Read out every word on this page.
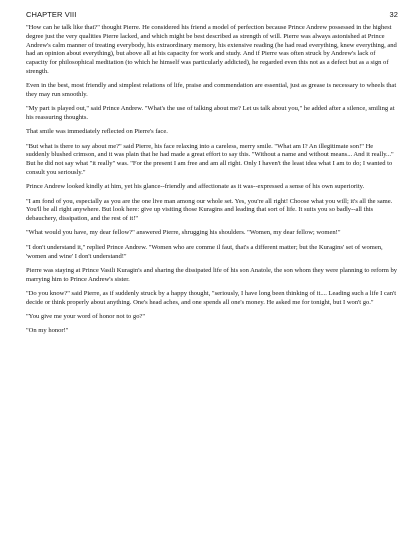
CHAPTER VIII	32

"How can he talk like that?" thought Pierre. He considered his friend a model of perfection because Prince Andrew possessed in the highest degree just the very qualities Pierre lacked, and which might be best described as strength of will. Pierre was always astonished at Prince Andrew's calm manner of treating everybody, his extraordinary memory, his extensive reading (he had read everything, knew everything, and had an opinion about everything), but above all at his capacity for work and study. And if Pierre was often struck by Andrew's lack of capacity for philosophical meditation (to which he himself was particularly addicted), he regarded even this not as a defect but as a sign of strength.

Even in the best, most friendly and simplest relations of life, praise and commendation are essential, just as grease is necessary to wheels that they may run smoothly.

"My part is played out," said Prince Andrew. "What's the use of talking about me? Let us talk about you," he added after a silence, smiling at his reassuring thoughts.

That smile was immediately reflected on Pierre's face.

"But what is there to say about me?" said Pierre, his face relaxing into a careless, merry smile. "What am I? An illegitimate son!" He suddenly blushed crimson, and it was plain that he had made a great effort to say this. "Without a name and without means... And it really..." But he did not say what "it really" was. "For the present I am free and am all right. Only I haven't the least idea what I am to do; I wanted to consult you seriously."

Prince Andrew looked kindly at him, yet his glance--friendly and affectionate as it was--expressed a sense of his own superiority.

"I am fond of you, especially as you are the one live man among our whole set. Yes, you're all right! Choose what you will; it's all the same. You'll be all right anywhere. But look here: give up visiting those Kuragins and leading that sort of life. It suits you so badly--all this debauchery, dissipation, and the rest of it!"

"What would you have, my dear fellow?" answered Pierre, shrugging his shoulders. "Women, my dear fellow; women!"

"I don't understand it," replied Prince Andrew. "Women who are comme il faut, that's a different matter; but the Kuragins' set of women, 'women and wine' I don't understand!"

Pierre was staying at Prince Vasili Kuragin's and sharing the dissipated life of his son Anatole, the son whom they were planning to reform by marrying him to Prince Andrew's sister.

"Do you know?" said Pierre, as if suddenly struck by a happy thought, "seriously, I have long been thinking of it.... Leading such a life I can't decide or think properly about anything. One's head aches, and one spends all one's money. He asked me for tonight, but I won't go."

"You give me your word of honor not to go?"

"On my honor!"
